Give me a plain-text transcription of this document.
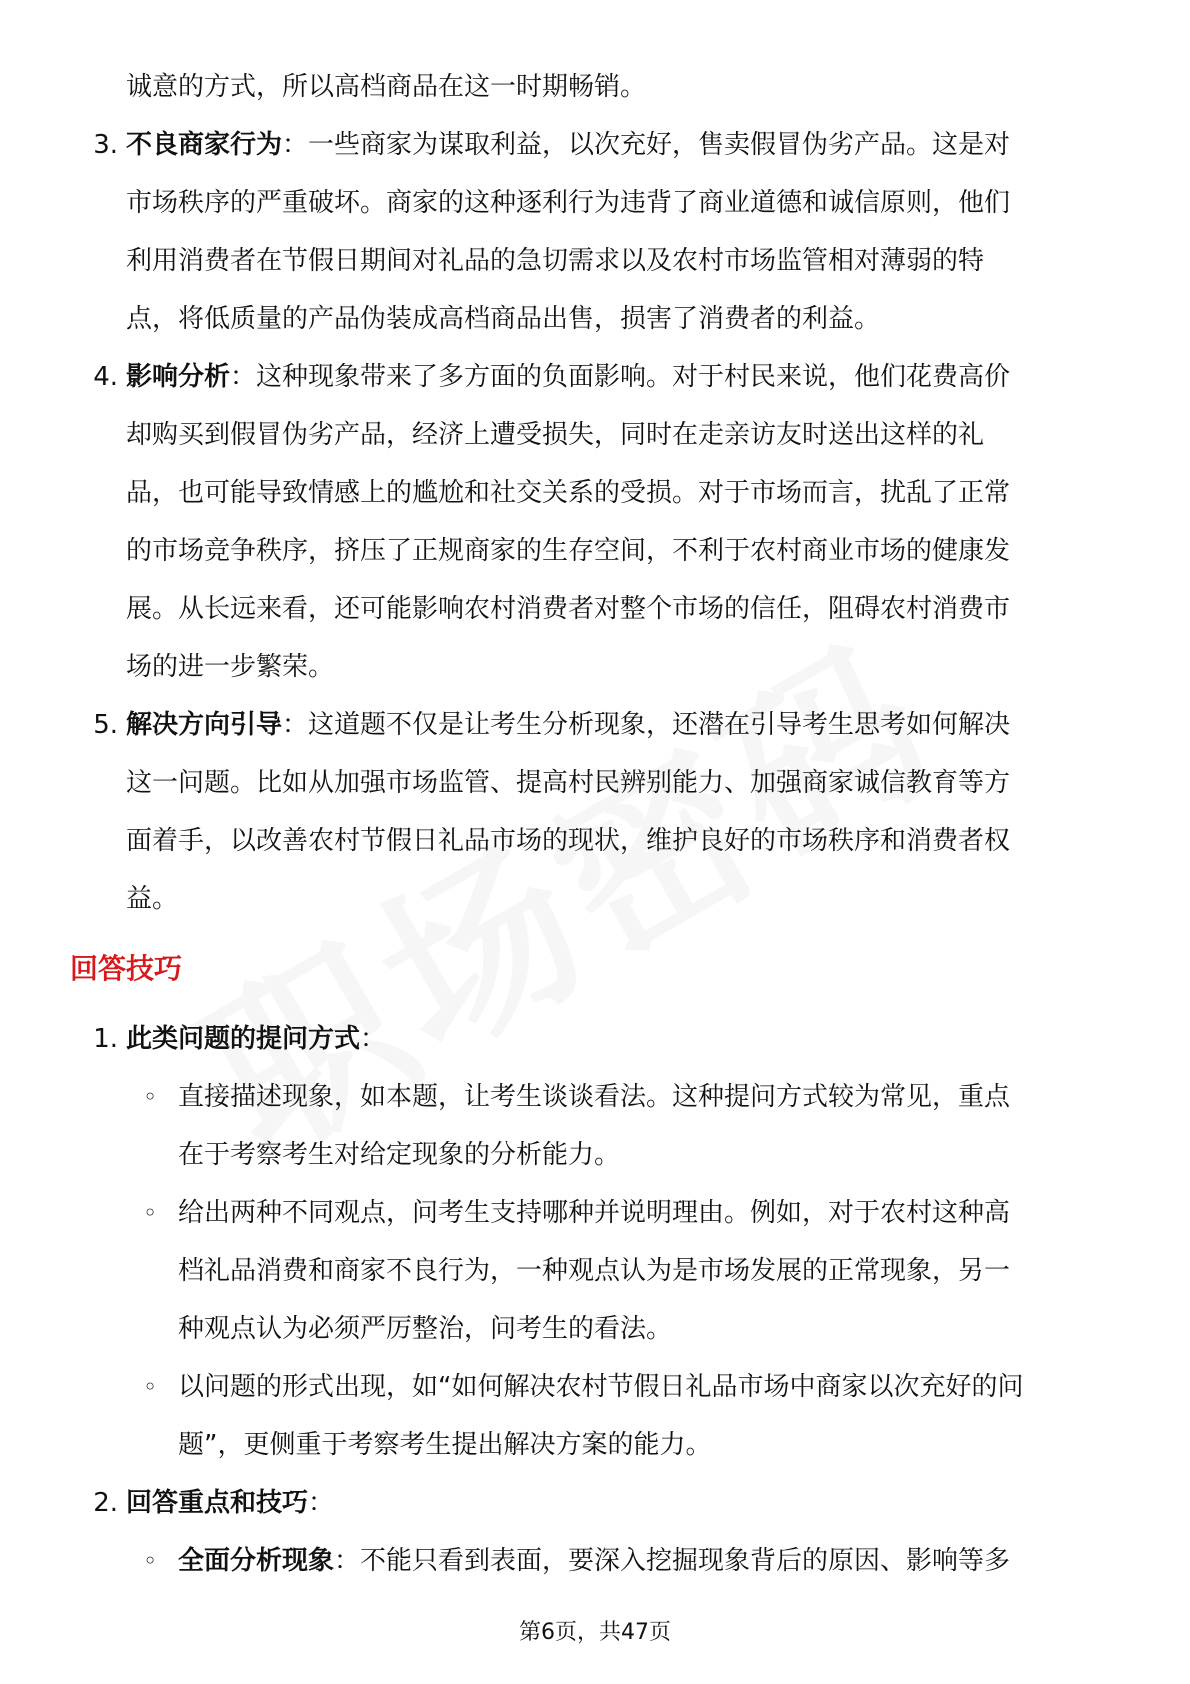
诚意的方式，所以高档商品在这一时期畅销。
3. 不良商家行为：一些商家为谋取利益，以次充好，售卖假冒伪劣产品。这是对
市场秩序的严重破坏。商家的这种逐利行为违背了商业道德和诚信原则，他们
利用消费者在节假日期间对礼品的急切需求以及农村市场监管相对薄弱的特
点，将低质量的产品伪装成高档商品出售，损害了消费者的利益。
4. 影响分析：这种现象带来了多方面的负面影响。对于村民来说，他们花费高价
却购买到假冒伪劣产品，经济上遭受损失，同时在走亲访友时送出这样的礼
品，也可能导致情感上的尴尬和社交关系的受损。对于市场而言，扰乱了正常
的市场竞争秩序，挤压了正规商家的生存空间，不利于农村商业市场的健康发
展。从长远来看，还可能影响农村消费者对整个市场的信任，阻碍农村消费市
场的进一步繁荣。
5. 解决方向引导：这道题不仅是让考生分析现象，还潜在引导考生思考如何解决
这一问题。比如从加强市场监管、提高村民辨别能力、加强商家诚信教育等方
面着手，以改善农村节假日礼品市场的现状，维护良好的市场秩序和消费者权
益。
回答技巧
1. 此类问题的提问方式：
◦ 直接描述现象，如本题，让考生谈谈看法。这种提问方式较为常见，重点
在于考察考生对给定现象的分析能力。
◦ 给出两种不同观点，问考生支持哪种并说明理由。例如，对于农村这种高
档礼品消费和商家不良行为，一种观点认为是市场发展的正常现象，另一
种观点认为必须严厉整治，问考生的看法。
◦ 以问题的形式出现，如“如何解决农村节假日礼品市场中商家以次充好的问
题”，更侧重于考察考生提出解决方案的能力。
2. 回答重点和技巧：
◦ 全面分析现象：不能只看到表面，要深入挖掘现象背后的原因、影响等多
第6页，共47页
